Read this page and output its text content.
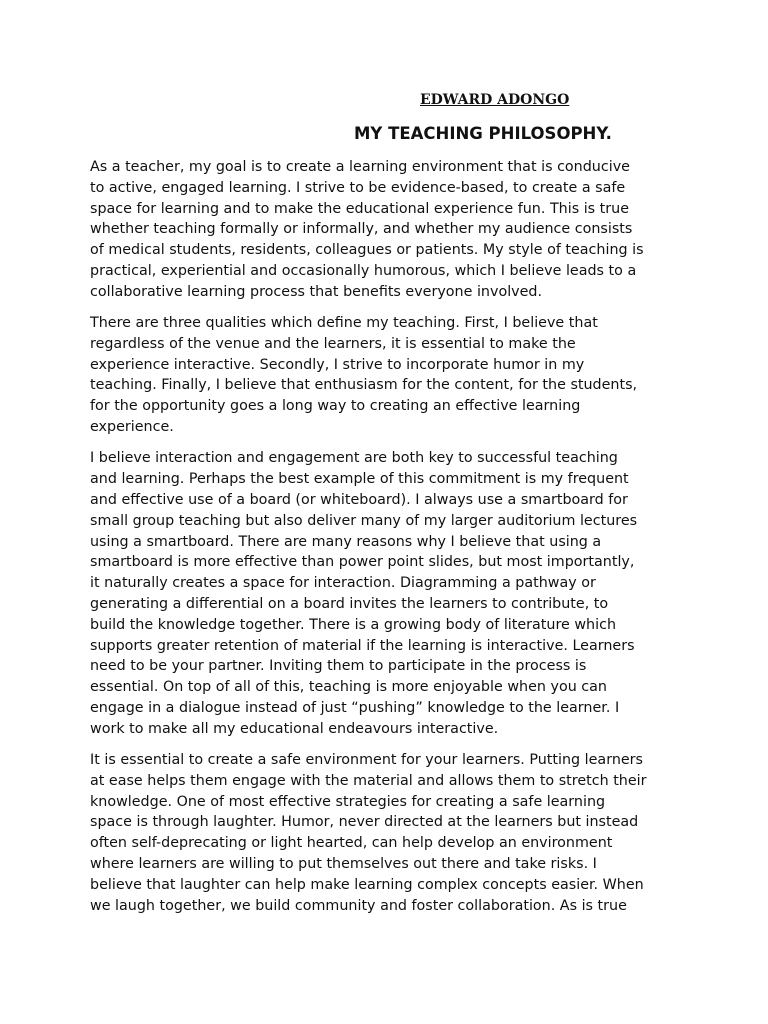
EDWARD ADONGO
MY TEACHING PHILOSOPHY.
As a teacher, my goal is to create a learning environment that is conducive
to active, engaged learning. I strive to be evidence-based, to create a safe
space for learning and to make the educational experience fun. This is true
whether teaching formally or informally, and whether my audience consists
of medical students, residents, colleagues or patients. My style of teaching is
practical, experiential and occasionally humorous, which I believe leads to a
collaborative learning process that benefits everyone involved.
There are three qualities which define my teaching. First, I believe that
regardless of the venue and the learners, it is essential to make the
experience interactive. Secondly, I strive to incorporate humor in my
teaching. Finally, I believe that enthusiasm for the content, for the students,
for the opportunity goes a long way to creating an effective learning
experience.
I believe interaction and engagement are both key to successful teaching
and learning. Perhaps the best example of this commitment is my frequent
and effective use of a board (or whiteboard). I always use a smartboard for
small group teaching but also deliver many of my larger auditorium lectures
using a smartboard. There are many reasons why I believe that using a
smartboard is more effective than power point slides, but most importantly,
it naturally creates a space for interaction. Diagramming a pathway or
generating a differential on a board invites the learners to contribute, to
build the knowledge together. There is a growing body of literature which
supports greater retention of material if the learning is interactive. Learners
need to be your partner. Inviting them to participate in the process is
essential. On top of all of this, teaching is more enjoyable when you can
engage in a dialogue instead of just “pushing” knowledge to the learner. I
work to make all my educational endeavours interactive.
It is essential to create a safe environment for your learners. Putting learners
at ease helps them engage with the material and allows them to stretch their
knowledge. One of most effective strategies for creating a safe learning
space is through laughter. Humor, never directed at the learners but instead
often self-deprecating or light hearted, can help develop an environment
where learners are willing to put themselves out there and take risks. I
believe that laughter can help make learning complex concepts easier. When
we laugh together, we build community and foster collaboration. As is true
